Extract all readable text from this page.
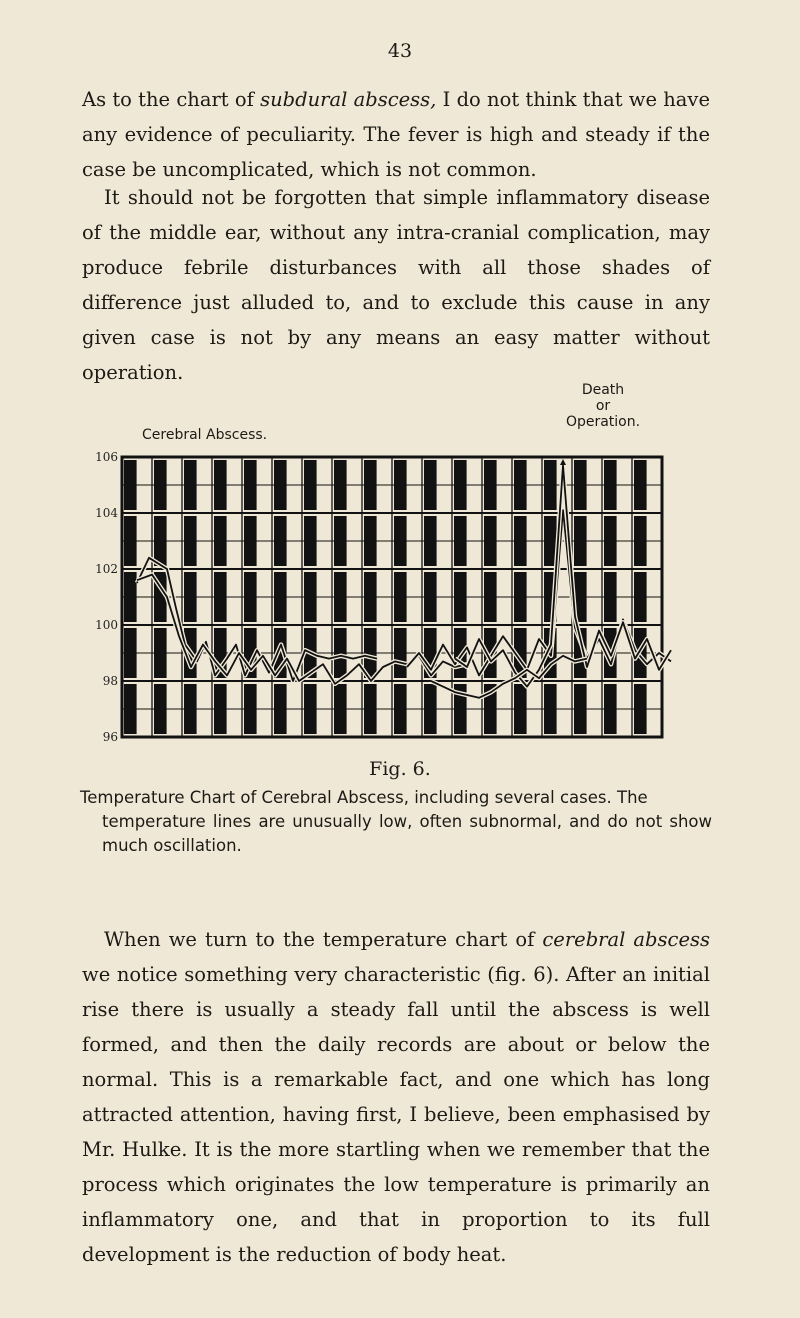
43

As to the chart of subdural abscess, I do not think that we have any evidence of peculiarity. The fever is high and steady if the case be uncomplicated, which is not common.

It should not be forgotten that simple inflammatory disease of the middle ear, without any intra-cranial complication, may produce febrile disturbances with all those shades of difference just alluded to, and to exclude this cause in any given case is not by any means an easy matter without operation.

Cerebral Abscess.
Death
or
Operation.
106
104
102
100
98
96
Fig. 6.
Temperature Chart of Cerebral Abscess, including several cases. The
temperature lines are unusually low, often subnormal, and do not show much oscillation.

When we turn to the temperature chart of cerebral abscess we notice something very characteristic (fig. 6). After an initial rise there is usually a steady fall until the abscess is well formed, and then the daily records are about or below the normal. This is a remarkable fact, and one which has long attracted attention, having first, I believe, been emphasised by Mr. Hulke. It is the more startling when we remember that the process which originates the low temperature is primarily an inflammatory one, and that in proportion to its full development is the reduction of body heat.
